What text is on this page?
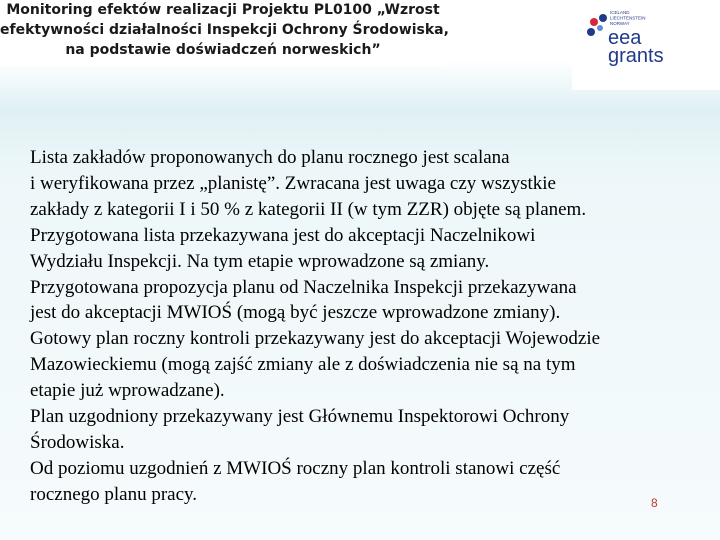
Monitoring efektów realizacji Projektu PL0100 „Wzrost
efektywności działalności Inspekcji Ochrony Środowiska,
na podstawie doświadczeń norweskich”
ICELAND
LIECHTENSTEIN
NORWAY
eea
grants

Lista zakładów proponowanych do planu rocznego jest scalana

i weryfikowana przez „planistę”. Zwracana jest uwaga czy wszystkie

zakłady z kategorii I i 50 % z kategorii II (w tym ZZR) objęte są planem.

Przygotowana lista przekazywana jest do akceptacji Naczelnikowi

Wydziału Inspekcji. Na tym etapie wprowadzone są zmiany.

Przygotowana propozycja planu od Naczelnika Inspekcji przekazywana

jest do akceptacji MWIOŚ (mogą być jeszcze wprowadzone zmiany).

Gotowy plan roczny kontroli przekazywany jest do akceptacji Wojewodzie

Mazowieckiemu (mogą zajść zmiany ale z doświadczenia nie są na tym

etapie już wprowadzane).

Plan uzgodniony przekazywany jest Głównemu Inspektorowi Ochrony

Środowiska.

Od poziomu uzgodnień z MWIOŚ roczny plan kontroli stanowi część

rocznego planu pracy.	8
